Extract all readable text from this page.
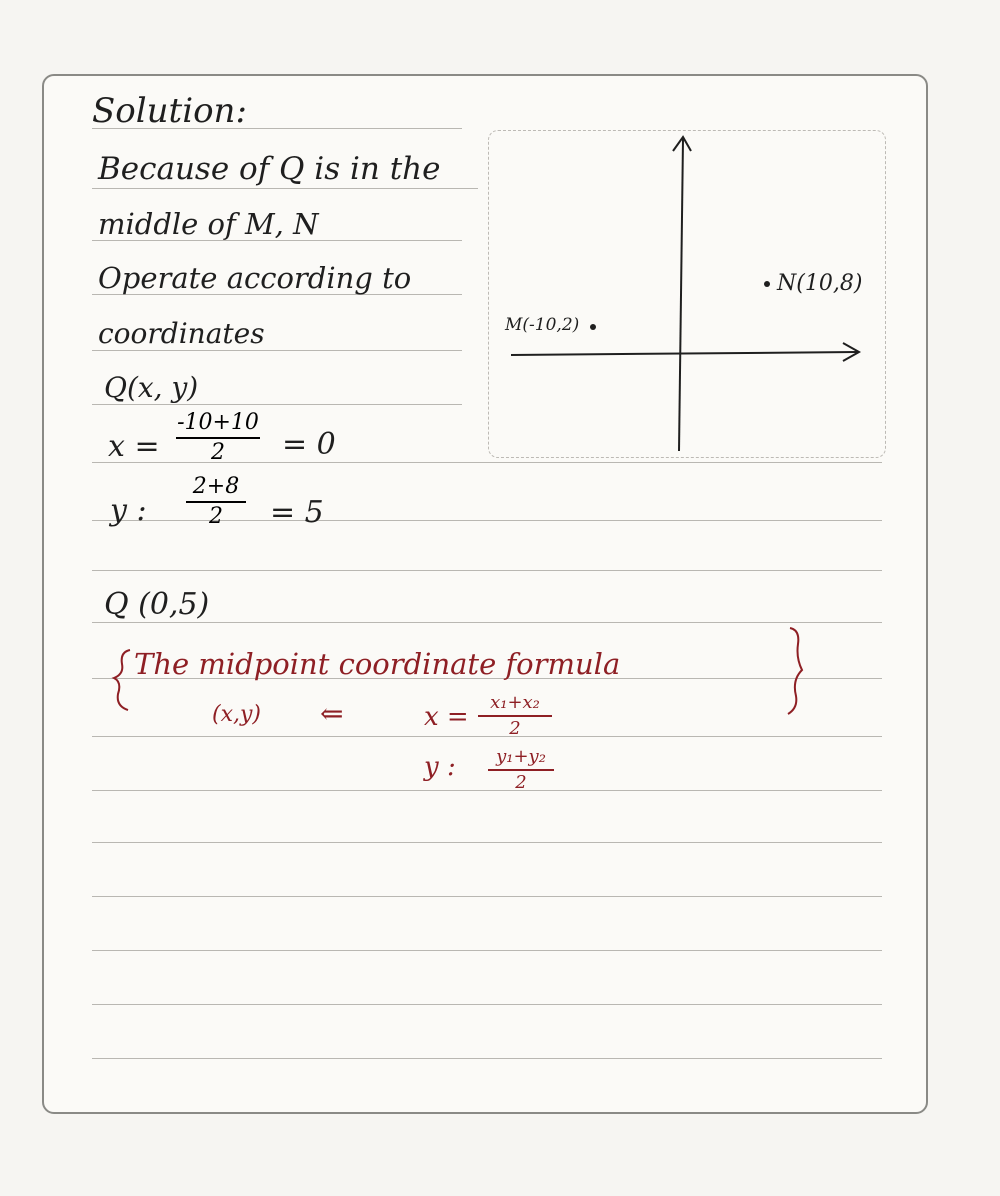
Solution:
Because of Q is in the
middle of M, N
Operate according to
coordinates
Q(x, y)
x =
-10+10
2	= 0
y :
2+8
2	= 5
Q (0,5)
M(-10,2)
N(10,8)
The midpoint coordinate formula
(x,y) ⇐	x =	x₁+x₂
2
y :	y₁+y₂
2
